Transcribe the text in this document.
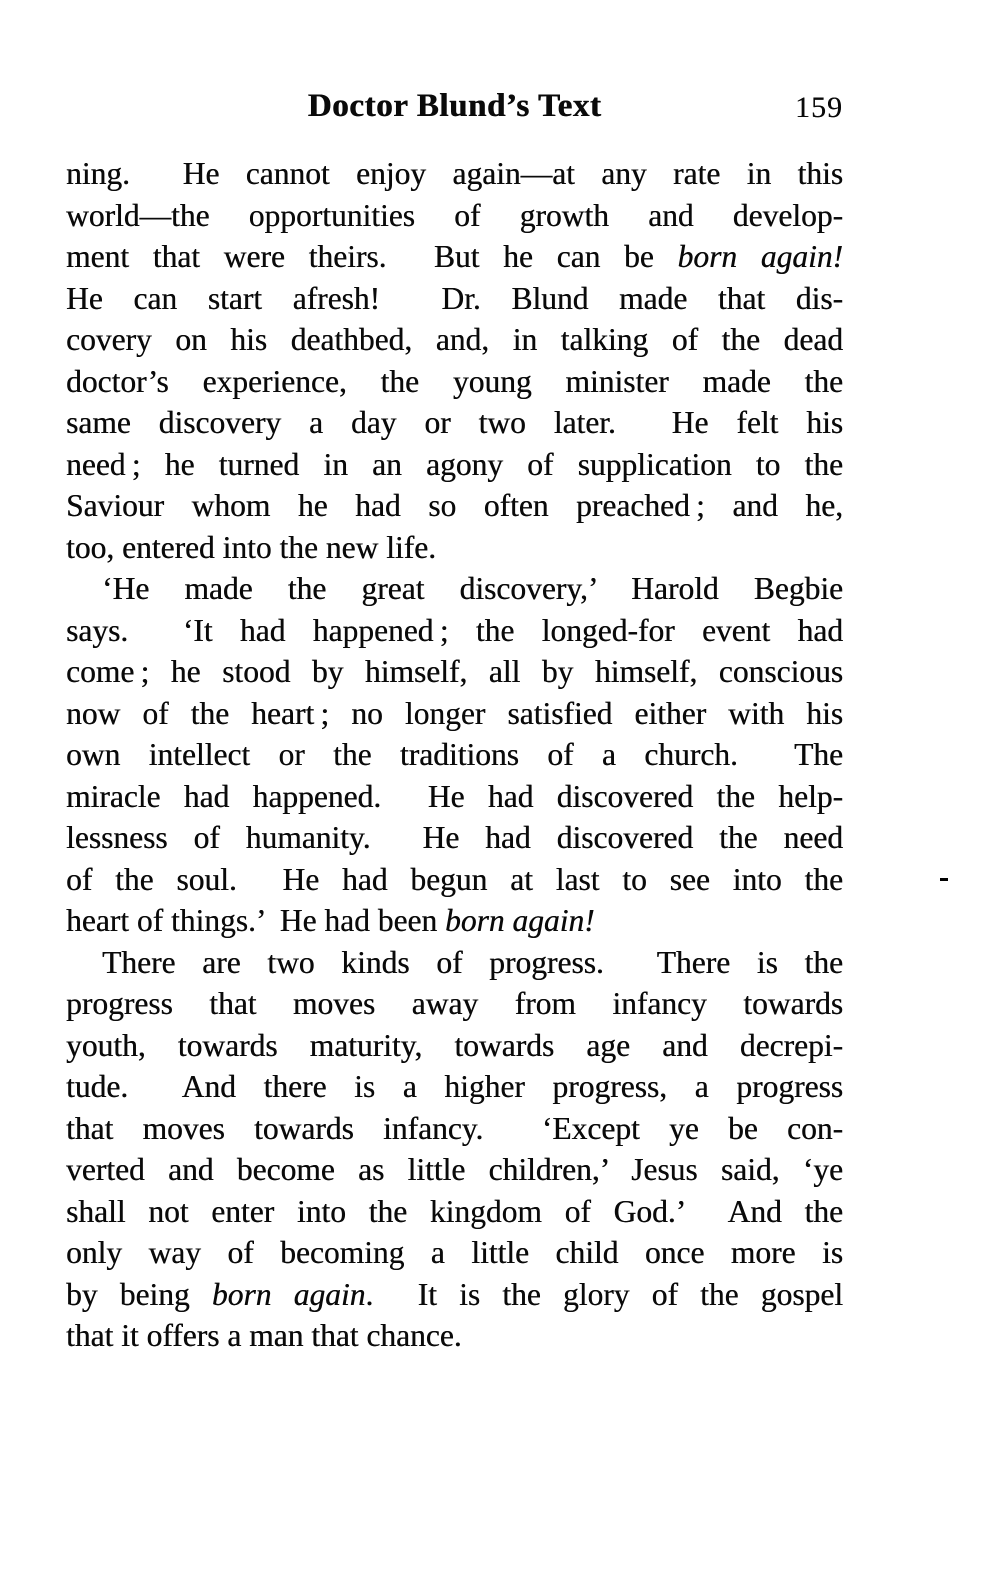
Doctor Blund’s Text	159
ning.  He cannot enjoy again—at any rate in this
world—the opportunities of growth and develop-
ment that were theirs.  But he can be born again!
He can start afresh!  Dr. Blund made that dis-
covery on his deathbed, and, in talking of the dead
doctor’s experience, the young minister made the
same discovery a day or two later.  He felt his
need ; he turned in an agony of supplication to the
Saviour whom he had so often preached ; and he,
too, entered into the new life.
‘He made the great discovery,’ Harold Begbie
says.  ‘It had happened ; the longed-for event had
come ; he stood by himself, all by himself, conscious
now of the heart ; no longer satisfied either with his
own intellect or the traditions of a church.  The
miracle had happened.  He had discovered the help-
lessness of humanity.  He had discovered the need
of the soul.  He had begun at last to see into the
heart of things.’  He had been born again!
There are two kinds of progress.  There is the
progress that moves away from infancy towards
youth, towards maturity, towards age and decrepi-
tude.  And there is a higher progress, a progress
that moves towards infancy.  ‘Except ye be con-
verted and become as little children,’ Jesus said, ‘ye
shall not enter into the kingdom of God.’  And the
only way of becoming a little child once more is
by being born again.  It is the glory of the gospel
that it offers a man that chance.
